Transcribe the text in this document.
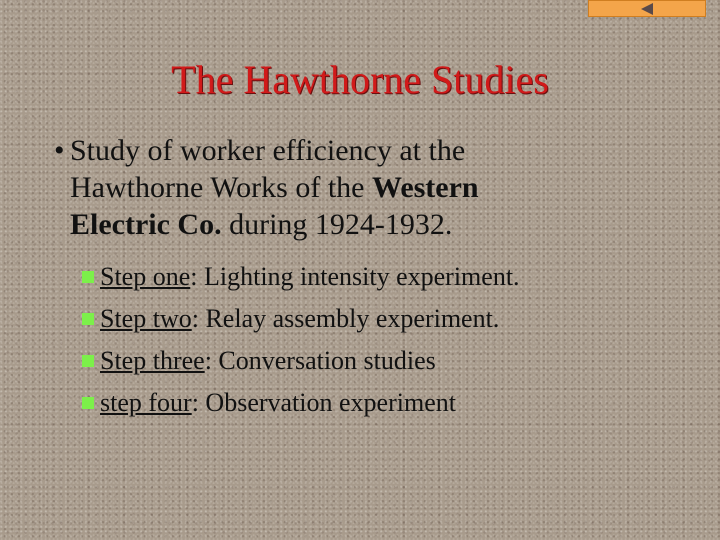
The Hawthorne Studies
• Study of worker efficiency at the Hawthorne Works of the Western Electric Co. during 1924-1932.
Step one : Lighting intensity experiment.
Step two : Relay assembly experiment.
Step three : Conversation studies
step four : Observation experiment
